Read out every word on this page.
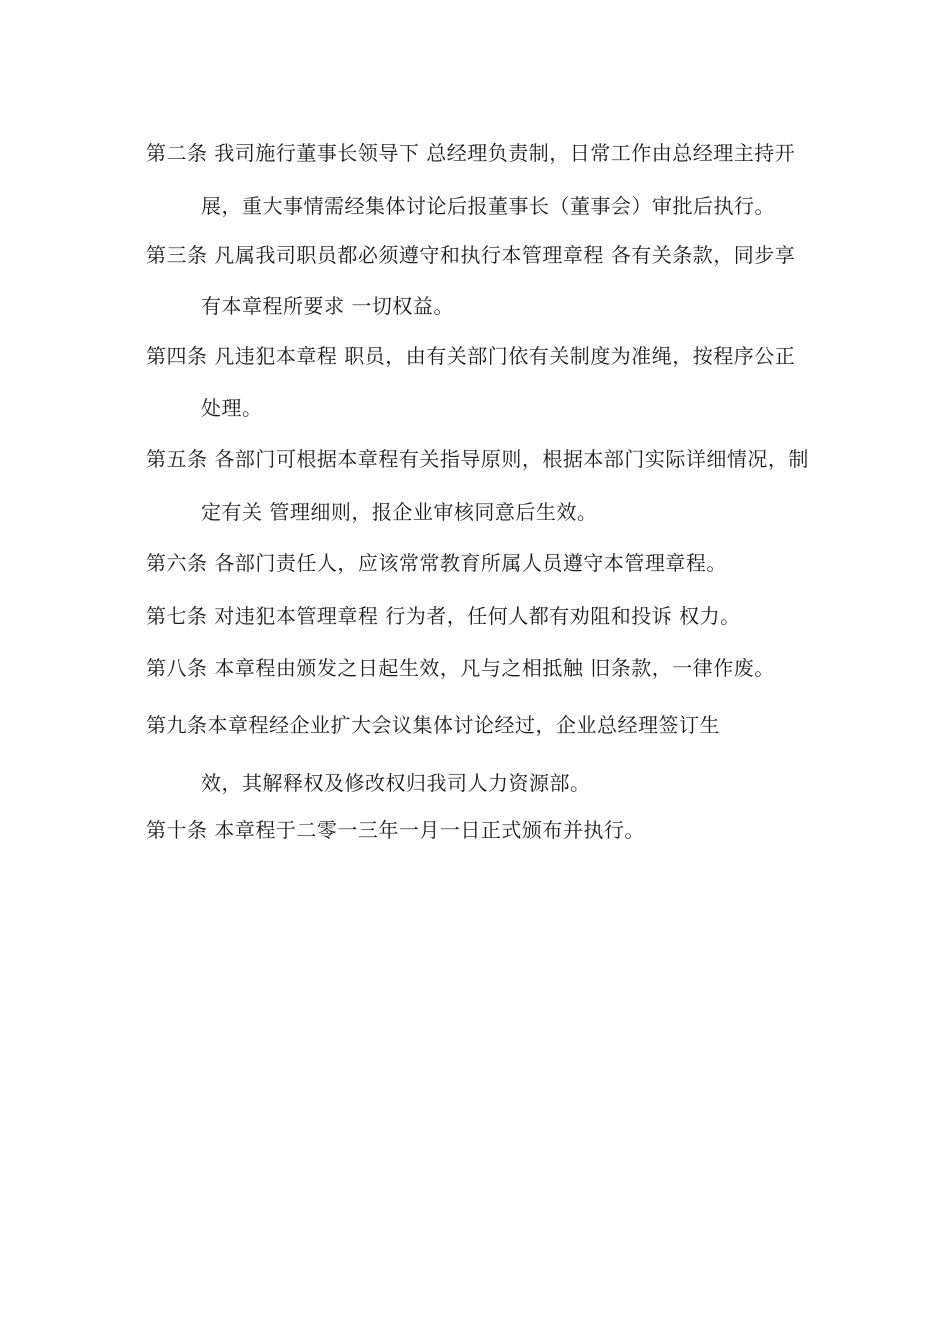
第二条 我司施行董事长领导下 总经理负责制，日常工作由总经理主持开
展，重大事情需经集体讨论后报董事长（董事会）审批后执行。
第三条 凡属我司职员都必须遵守和执行本管理章程 各有关条款，同步享
有本章程所要求 一切权益。
第四条 凡违犯本章程 职员，由有关部门依有关制度为准绳，按程序公正
处理。
第五条 各部门可根据本章程有关指导原则，根据本部门实际详细情况，制
定有关 管理细则，报企业审核同意后生效。
第六条 各部门责任人，应该常常教育所属人员遵守本管理章程。
第七条 对违犯本管理章程 行为者，任何人都有劝阻和投诉 权力。
第八条 本章程由颁发之日起生效，凡与之相抵触 旧条款，一律作废。
第九条本章程经企业扩大会议集体讨论经过，企业总经理签订生
效，其解释权及修改权归我司人力资源部。
第十条 本章程于二零一三年一月一日正式颁布并执行。
